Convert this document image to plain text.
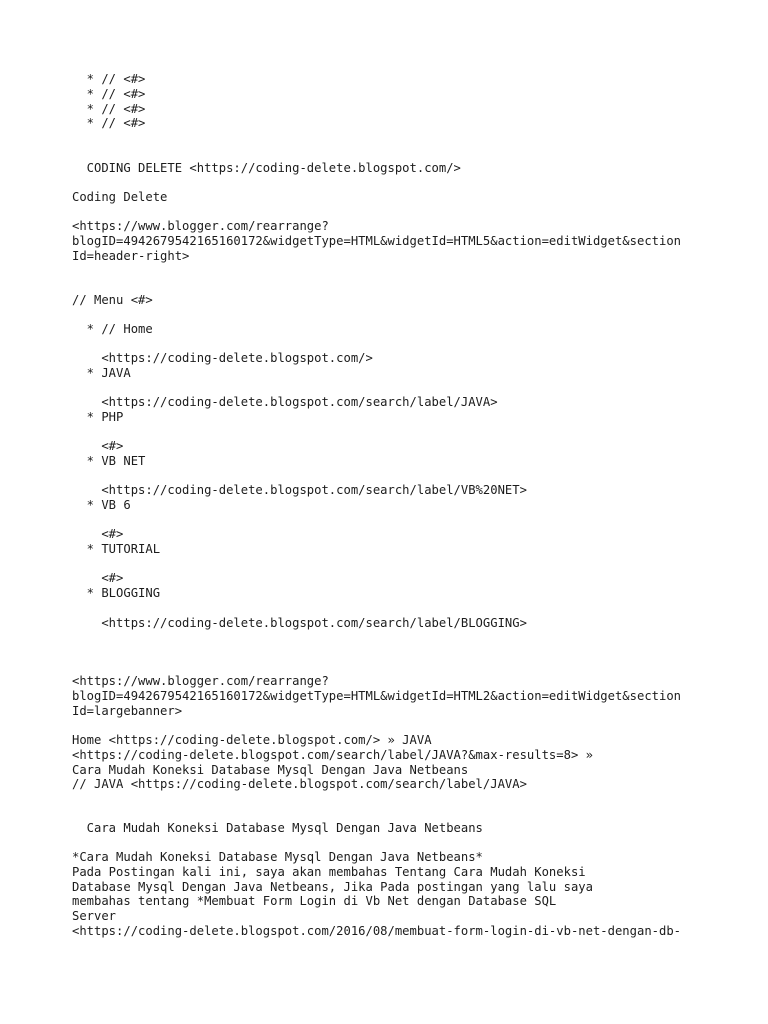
* // <#>
* // <#>
* // <#>
* // <#>
CODING DELETE <https://coding-delete.blogspot.com/>
Coding Delete
<https://www.blogger.com/rearrange?
blogID=4942679542165160172&widgetType=HTML&widgetId=HTML5&action=editWidget&section
Id=header-right>
// Menu <#>
* // Home
<https://coding-delete.blogspot.com/>
* JAVA
<https://coding-delete.blogspot.com/search/label/JAVA>
* PHP
<#>
* VB NET
<https://coding-delete.blogspot.com/search/label/VB%20NET>
* VB 6
<#>
* TUTORIAL
<#>
* BLOGGING
<https://coding-delete.blogspot.com/search/label/BLOGGING>
<https://www.blogger.com/rearrange?
blogID=4942679542165160172&widgetType=HTML&widgetId=HTML2&action=editWidget&section
Id=largebanner>
Home <https://coding-delete.blogspot.com/> » JAVA
<https://coding-delete.blogspot.com/search/label/JAVA?&max-results=8> »
Cara Mudah Koneksi Database Mysql Dengan Java Netbeans
// JAVA <https://coding-delete.blogspot.com/search/label/JAVA>
Cara Mudah Koneksi Database Mysql Dengan Java Netbeans
*Cara Mudah Koneksi Database Mysql Dengan Java Netbeans*
Pada Postingan kali ini, saya akan membahas Tentang Cara Mudah Koneksi
Database Mysql Dengan Java Netbeans, Jika Pada postingan yang lalu saya
membahas tentang *Membuat Form Login di Vb Net dengan Database SQL
Server
<https://coding-delete.blogspot.com/2016/08/membuat-form-login-di-vb-net-dengan-db-
